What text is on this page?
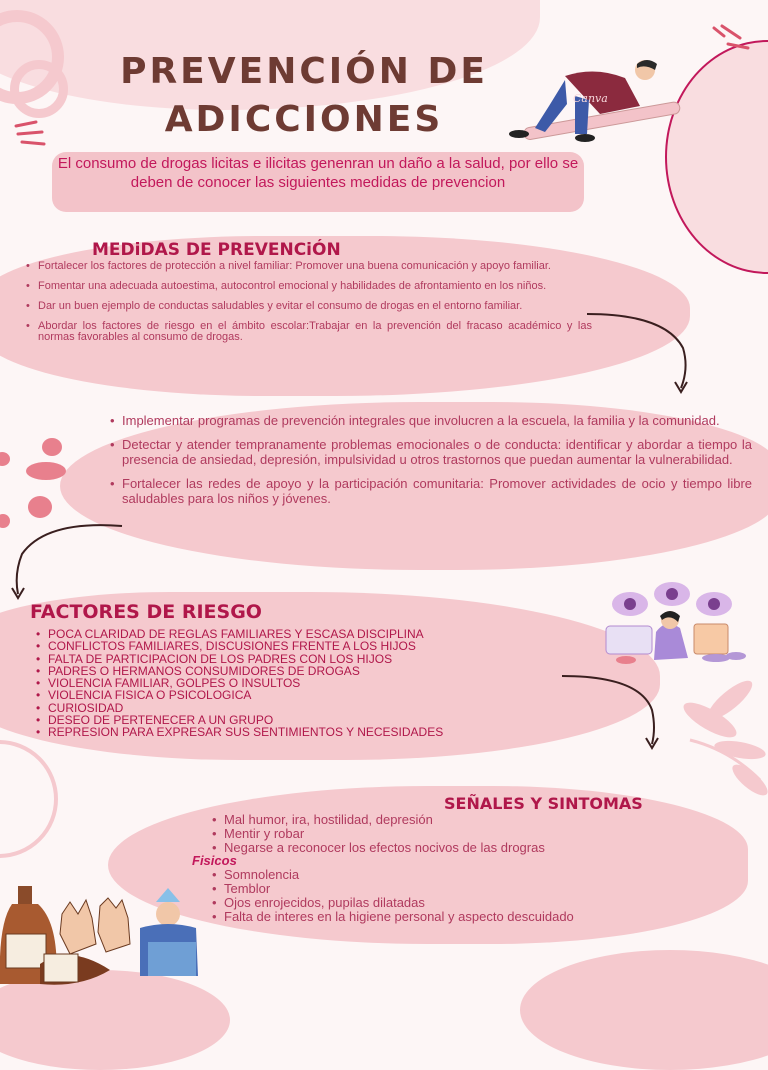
PREVENCIÓN DE
ADICCIONES
Canva
El consumo de drogas licitas e ilicitas genenran un daño a la salud, por ello se deben de conocer las siguientes medidas de prevencion
MEDiDAS DE PREVENCiÓN
• Fortalecer los factores de protección a nivel familiar: Promover una buena comunicación y apoyo familiar.
• Fomentar una adecuada autoestima, autocontrol emocional y habilidades de afrontamiento en los niños.
• Dar un buen ejemplo de conductas saludables y evitar el consumo de drogas en el entorno familiar.
• Abordar los factores de riesgo en el ámbito escolar:Trabajar en la prevención del fracaso académico y las normas favorables al consumo de drogas.
• Implementar programas de prevención integrales que involucren a la escuela, la familia y la comunidad.
• Detectar y atender tempranamente problemas emocionales o de conducta: identificar y abordar a tiempo la presencia de ansiedad, depresión, impulsividad u otros trastornos que puedan aumentar la vulnerabilidad.
• Fortalecer las redes de apoyo y la participación comunitaria: Promover actividades de ocio y tiempo libre saludables para los niños y jóvenes.
FACTORES DE RIESGO
• POCA CLARIDAD DE REGLAS FAMILIARES Y ESCASA DISCIPLINA
• CONFLICTOS FAMILIARES, DISCUSIONES FRENTE A LOS HIJOS
• FALTA DE PARTICIPACION DE LOS PADRES CON LOS HIJOS
• PADRES O HERMANOS CONSUMIDORES DE DROGAS
• VIOLENCIA FAMILIAR, GOLPES O INSULTOS
• VIOLENCIA FISICA O PSICOLOGICA
• CURIOSIDAD
• DESEO DE PERTENECER A UN GRUPO
• REPRESION PARA EXPRESAR SUS SENTIMIENTOS Y NECESIDADES
SEÑALES Y SINTOMAS
• Mal humor, ira, hostilidad, depresión
• Mentir y robar
• Negarse a reconocer los efectos nocivos de las drogras
Fisicos
• Somnolencia
• Temblor
• Ojos enrojecidos, pupilas dilatadas
• Falta de interes en la higiene personal y aspecto descuidado
